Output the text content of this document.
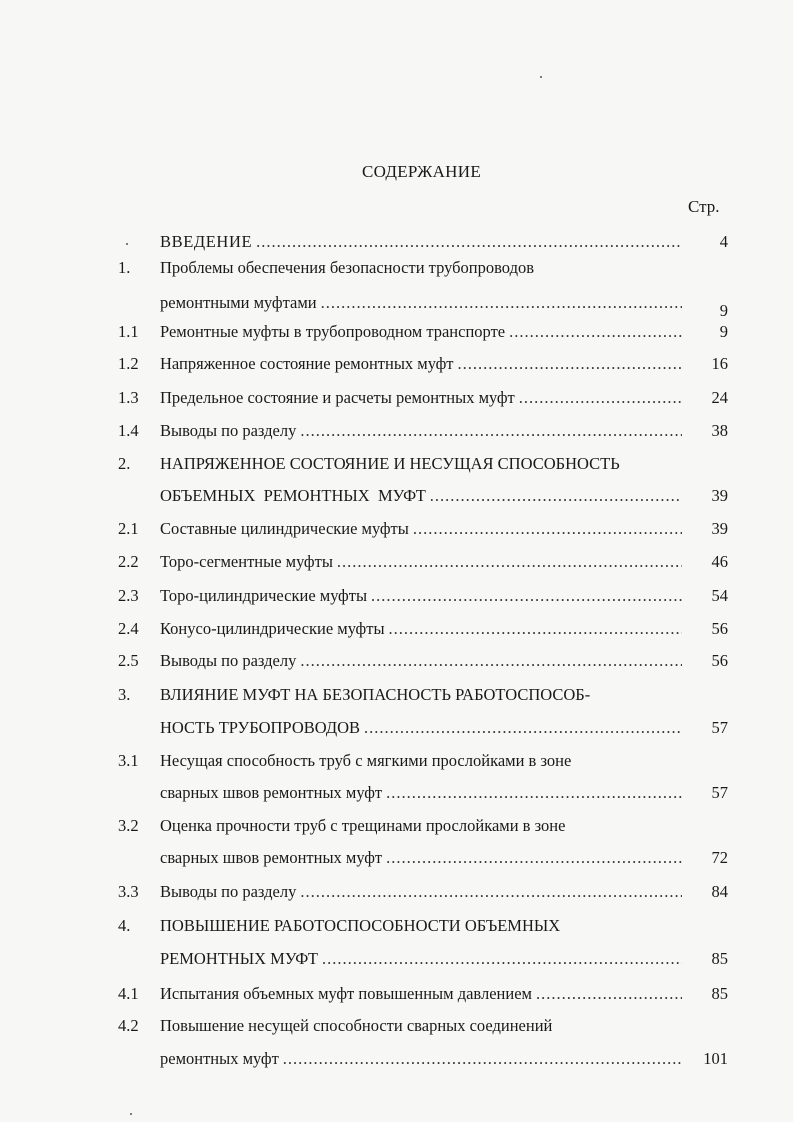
СОДЕРЖАНИЕ
Стр.
ВВЕДЕНИЕ .....	4
1.	Проблемы обеспечения безопасности трубопроводов
ремонтными муфтами .....	9
1.1	Ремонтные муфты в трубопроводном транспорте .....	9
1.2	Напряженное состояние ремонтных муфт .....	16
1.3	Предельное состояние и расчеты ремонтных муфт .....	24
1.4	Выводы по разделу .....	38
2.	НАПРЯЖЕННОЕ СОСТОЯНИЕ И НЕСУЩАЯ СПОСОБНОСТЬ
ОБЪЕМНЫХ  РЕМОНТНЫХ  МУФТ .....	39
2.1	Составные цилиндрические муфты .....	39
2.2	Торо-сегментные муфты .....	46
2.3	Торо-цилиндрические муфты .....	54
2.4	Конусо-цилиндрические муфты .....	56
2.5	Выводы по разделу .....	56
3.	ВЛИЯНИЕ МУФТ НА БЕЗОПАСНОСТЬ РАБОТОСПОСОБ-
НОСТЬ ТРУБОПРОВОДОВ .....	57
3.1	Несущая способность труб с мягкими прослойками в зоне
сварных швов ремонтных муфт .....	57
3.2	Оценка прочности труб с трещинами прослойками в зоне
сварных швов ремонтных муфт .....	72
3.3	Выводы по разделу .....	84
4.	ПОВЫШЕНИЕ РАБОТОСПОСОБНОСТИ ОБЪЕМНЫХ
РЕМОНТНЫХ МУФТ .....	85
4.1	Испытания объемных муфт повышенным давлением .....	85
4.2	Повышение несущей способности сварных соединений
ремонтных муфт .....	101
